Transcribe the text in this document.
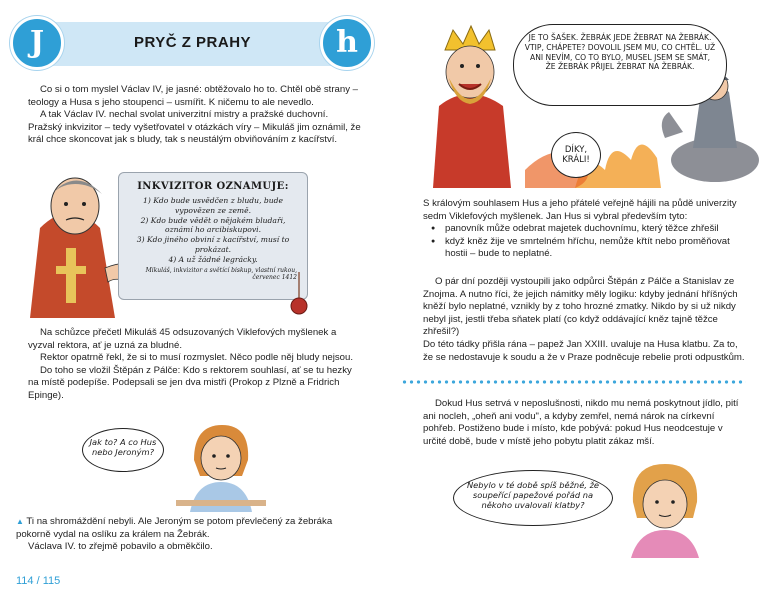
PRYČ Z PRAHY
J	h

Co si o tom myslel Václav IV, je jasné: obtěžovalo ho to. Chtěl obě strany – teology a Husa s jeho stoupenci – usmířit. K ničemu to ale nevedlo.

A tak Václav IV. nechal svolat univerzitní mistry a pražské duchovní. Pražský inkvizitor – tedy vyšetřovatel v otázkách víry – Mikuláš jim oznámil, že král chce skoncovat jak s bludy, tak s neustálým obviňováním z kacířství.

INKVIZITOR OZNAMUJE:
1) Kdo bude usvědčen z bludu, bude vypovězen ze země.
2) Kdo bude vědět o nějakém bludaři, oznámí ho arcibiskupovi.
3) Kdo jiného obviní z kacířství, musí to prokázat.
4) A už žádné legrácky.
Mikuláš, inkvizitor a světící biskup, vlastní rukou, červenec 1412

Na schůzce přečetl Mikuláš 45 odsuzovaných Viklefových myšlenek a vyzval rektora, ať je uzná za bludné.

Rektor opatrně řekl, že si to musí rozmyslet. Něco podle něj bludy nejsou.

Do toho se vložil Štěpán z Pálče: Kdo s rektorem souhlasí, ať se tu hezky na místě podepíše. Podepsali se jen dva mistři (Prokop z Plzně a Fridrich Epinge).

Jak to? A co Hus nebo Jeroným?

▲ Ti na shromáždění nebyli. Ale Jeroným se potom převlečený za žebráka pokorně vydal na oslíku za králem na Žebrák.

Václava IV. to zřejmě pobavilo a obměkčilo.

114 / 115
JE TO ŠAŠEK. ŽEBRÁK JEDE ŽEBRAT NA ŽEBRÁK. VTIP, CHÁPETE? DOVOLIL JSEM MU, CO CHTĚL. UŽ ANI NEVÍM, CO TO BYLO, MUSEL JSEM SE SMÁT, ŽE ŽEBRÁK PŘIJEL ŽEBRAT NA ŽEBRÁK.
DÍKY, KRÁLI!

S královým souhlasem Hus a jeho přátelé veřejně hájili na půdě univerzity sedm Viklefových myšlenek. Jan Hus si vybral především tyto:

● panovník může odebrat majetek duchovnímu, který těžce zhřešil
● když kněz žije ve smrtelném hříchu, nemůže křtít nebo proměňovat hostii – bude to neplatné.

O pár dní později vystoupili jako odpůrci Štěpán z Pálče a Stanislav ze Znojma. A nutno říci, že jejich námitky měly logiku: kdyby jednání hříšných kněží bylo neplatné, vznikly by z toho hrozné zmatky. Nikdo by si už nikdy nebyl jist, jestli třeba sňatek platí (co když oddávající kněz tajně těžce zhřešil?)

Do této tádky přišla rána – papež Jan XXIII. uvaluje na Husa klatbu. Za to, že se nedostavuje k soudu a že v Praze podněcuje rebelie proti odpustkům.

Dokud Hus setrvá v neposlušnosti, nikdo mu nemá poskytnout jídlo, pití ani nocleh, „oheň ani vodu", a kdyby zemřel, nemá nárok na církevní pohřeb. Postiženo bude i místo, kde pobývá: pokud Hus neodcestuje v určité době, bude v místě jeho pobytu platit zákaz mší.

Nebylo v té době spíš běžné, že soupeřící papežové pořád na někoho uvalovali klatby?
